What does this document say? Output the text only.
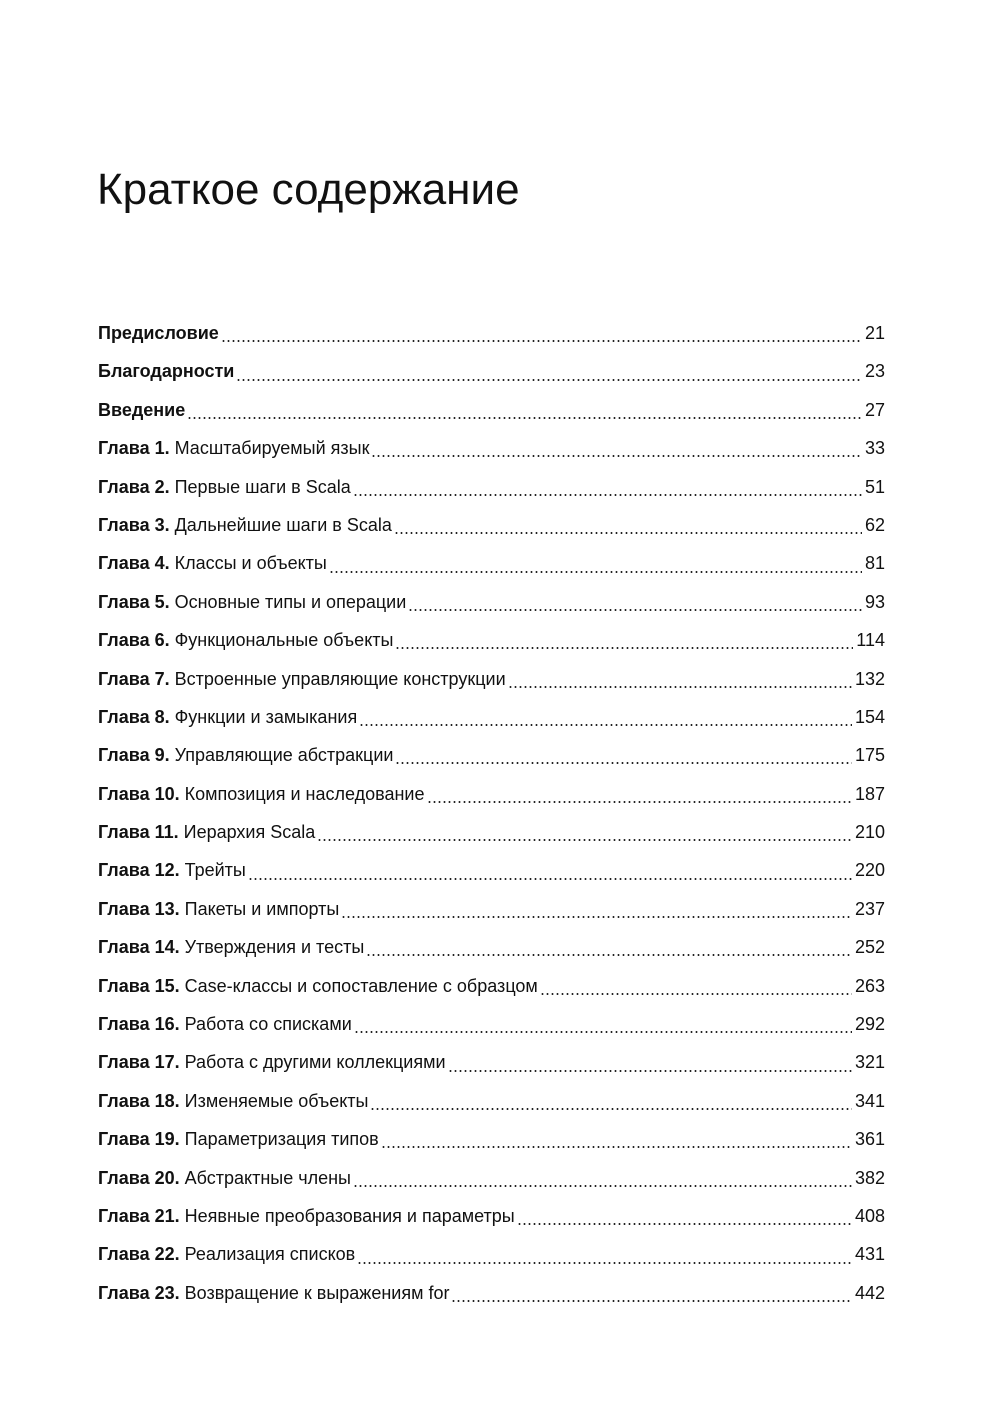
Краткое содержание
Предисловие	21
Благодарности	23
Введение	27
Глава 1. Масштабируемый язык	33
Глава 2. Первые шаги в Scala	51
Глава 3. Дальнейшие шаги в Scala	62
Глава 4. Классы и объекты	81
Глава 5. Основные типы и операции	93
Глава 6. Функциональные объекты	114
Глава 7. Встроенные управляющие конструкции	132
Глава 8. Функции и замыкания	154
Глава 9. Управляющие абстракции	175
Глава 10. Композиция и наследование	187
Глава 11. Иерархия Scala	210
Глава 12. Трейты	220
Глава 13. Пакеты и импорты	237
Глава 14. Утверждения и тесты	252
Глава 15. Case-классы и сопоставление с образцом	263
Глава 16. Работа со списками	292
Глава 17. Работа с другими коллекциями	321
Глава 18. Изменяемые объекты	341
Глава 19. Параметризация типов	361
Глава 20. Абстрактные члены	382
Глава 21. Неявные преобразования и параметры	408
Глава 22. Реализация списков	431
Глава 23. Возвращение к выражениям for	442
